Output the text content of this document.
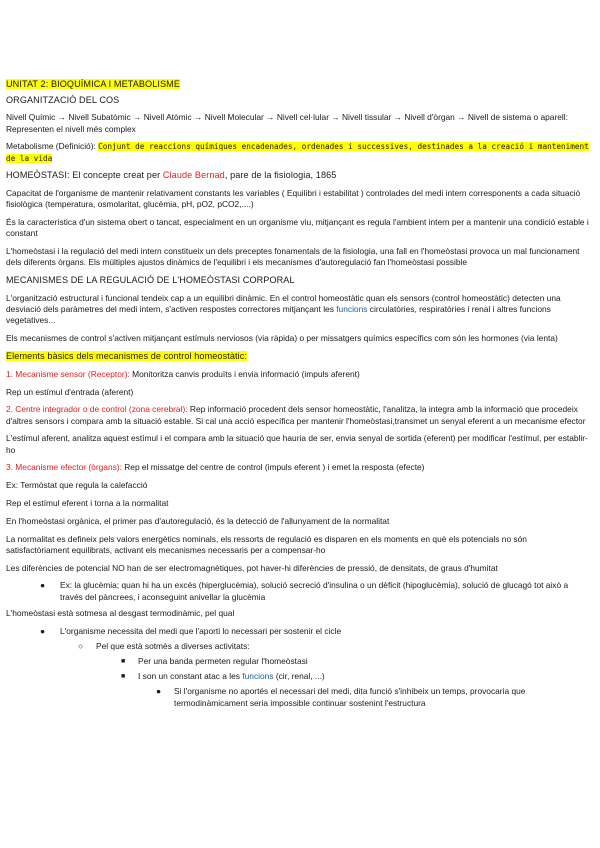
UNITAT 2: BIOQUÍMICA I METABOLISME

ORGANITZACIÓ DEL COS

Nivell Químic → Nivell Subatòmic → Nivell Atòmic → Nivell Molecular → Nivell cel·lular → Nivell tissular → Nivell d'òrgan → Nivell de sistema o aparell: Representen el nivell més complex

Metabolisme (Definició): Conjunt de reaccions químiques encadenades, ordenades i successives, destinades a la creació i manteniment de la vida

HOMEÒSTASI: El concepte creat per Claude Bernad, pare de la fisiologia, 1865

Capacitat de l'organisme de mantenir relativament constants les variables ( Equilibri i estabilitat ) controlades del medi intern corresponents a cada situació fisiològica (temperatura, osmolaritat, glucèmia, pH, pO2, pCO2,....)

És la característica d'un sistema obert o tancat, especialment en un organisme viu, mitjançant es regula l'ambient intern per a mantenir una condició estable i constant

L'homeòstasi i la regulació del medi intern constitueix un dels preceptes fonamentals de la fisiologia, una fall en l'homeòstasi provoca un mal funcionament dels diferents òrgans. Els múltiples ajustos dinàmics de l'equilibri i els mecanismes d'autoregulació fan l'homeòstasi possible

MECANISMES DE LA REGULACIÓ DE L'HOMEÒSTASI CORPORAL

L'organització estructural i funcional tendeix cap a un equilibri dinàmic. En el control homeostàtic quan els sensors (control homeostàtic) detecten una desviació dels paràmetres del medi intern, s'activen respostes correctores mitjançant les funcions circulatòries, respiratòries i renal i altres funcions vegetatives...

Els mecanismes de control s'activen mitjançant estímuls nerviosos (via ràpida) o per missatgers químics específics com són les hormones (via lenta)

Elements bàsics dels mecanismes de control homeostàtic:

1. Mecanisme sensor (Receptor): Monitoritza canvis produïts i envia informació (impuls aferent)

Rep un estímul d'entrada (aferent)

2. Centre integrador o de control (zona cerebral): Rep informació procedent dels sensor homeostàtic, l'analitza, la integra amb la informació que procedeix d'altres sensors i compara amb la situació estable. Si cal una acció específica per mantenir l'homeòstasi,transmet un senyal eferent a un mecanisme efector

L'estímul aferent, analitza aquest estímul i el compara amb la situació que hauria de ser, envia senyal de sortida (eferent) per modificar l'estímul, per establir-ho

3. Mecanisme efector (òrgans): Rep el missatge del centre de control (impuls eferent ) i emet la resposta (efecte)

Ex: Termòstat que regula la calefacció

Rep el estímul eferent i torna a la normalitat

En l'homeòstasi orgànica, el primer pas d'autoregulació, és la detecció de l'allunyament de la normalitat

La normalitat es defineix pels valors energètics nominals, els ressorts de regulació es disparen en els moments en què els potencials no són satisfactòriament equilibrats, activant els mecanismes necessaris per a compensar-ho

Les diferències de potencial NO han de ser electromagnètiques, pot haver-hi diferències de pressió, de densitats, de graus d'humitat

● Ex: la glucèmia; quan hi ha un excés (hiperglucèmia), solució secreció d'insulina o un dèficit (hipoglucèmia), solució de glucagó tot això a través del pàncrees, i aconseguint anivellar la glucèmia

L'homeòstasi està sotmesa al desgast termodinàmic, pel qual

● L'organisme necessita del medi que l'aporti lo necessari per sostenir el cicle
○ Pel que està sotmès a diverses activitats:
■ Per una banda permeten regular l'homeòstasi
■ I son un constant atac a les funcions (cir, renal, ...)
● Si l'organisme no aportés el necessari del medi, dita funció s'inhibeix un temps, provocaria que termodinàmicament seria impossible continuar sostenint l'estructura
